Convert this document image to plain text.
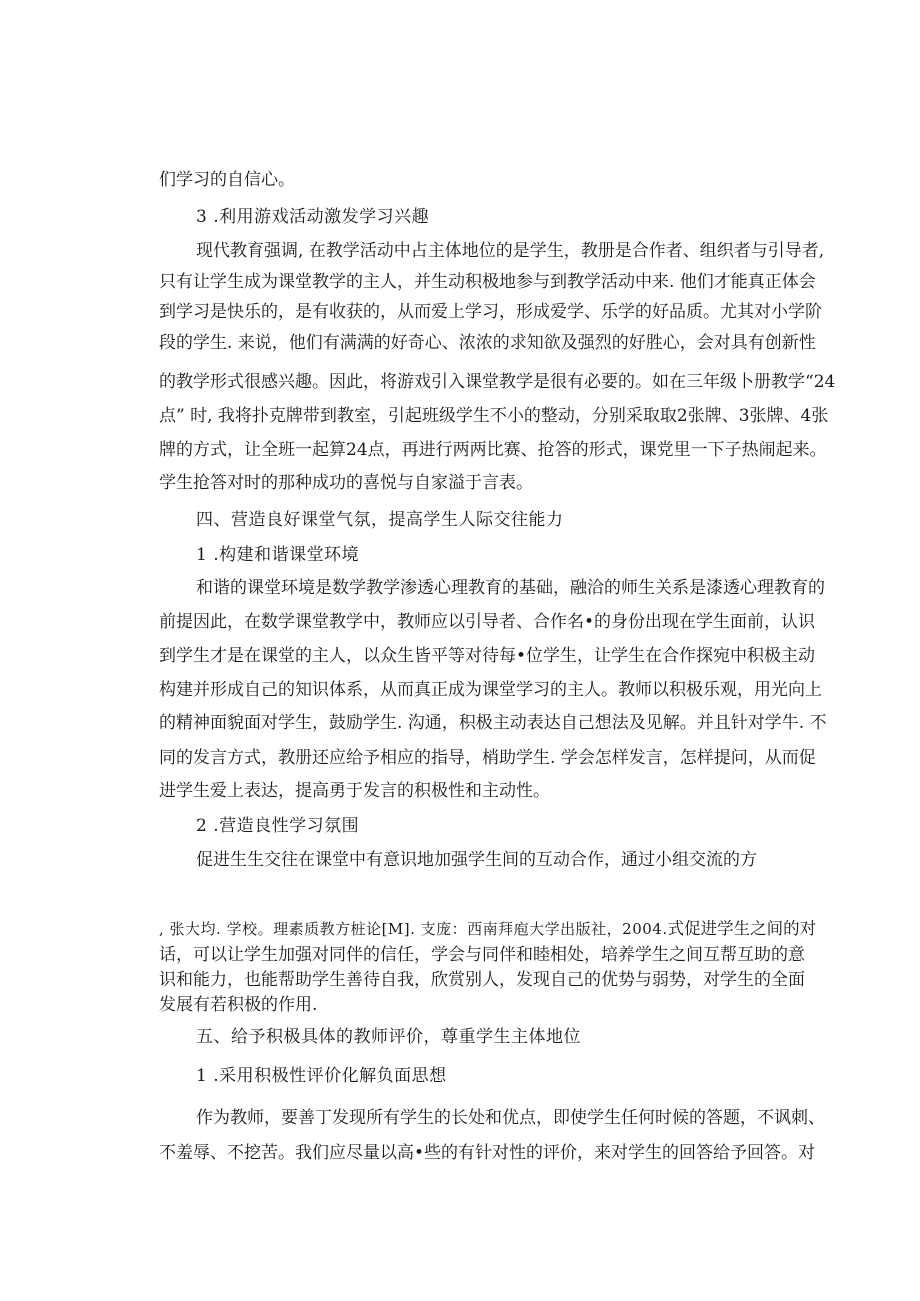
们学习的自信心。
3 .利用游戏活动激发学习兴趣
现代教育强调, 在教学活动中占主体地位的是学生，教册是合作者、组织者与引导者,
只有让学生成为课堂教学的主人，并生动积极地参与到教学活动中来. 他们才能真正体会
到学习是快乐的，是有收获的，从而爱上学习，形成爱学、乐学的好品质。尤其对小学阶
段的学生. 来说，他们有满满的好奇心、浓浓的求知欲及强烈的好胜心，会对具有创新性
的教学形式很感兴趣。因此，将游戏引入课堂教学是很有必要的。如在三年级卜册教学“24
点” 时, 我将扑克牌带到教室，引起班级学生不小的整动，分别采取取2张牌、3张牌、4张
牌的方式，让全班一起算24点，再进行两两比赛、抢答的形式，课党里一下子热闹起来。
学生抢答对时的那种成功的喜悦与自家溢于言表。
四、营造良好课堂气氛，提高学生人际交往能力
1 .构建和谐课堂环境
和谐的课堂环境是数学教学渗透心理教育的基础，融洽的师生关系是漆透心理教育的
前提因此，在数学课堂教学中，教师应以引导者、合作名•的身份出现在学生面前，认识
到学生才是在课堂的主人，以众生皆平等对待每•位学生，让学生在合作探宛中积极主动
构建并形成自己的知识体系，从而真正成为课堂学习的主人。教师以积极乐观，用光向上
的精神面貌面对学生，鼓励学生. 沟通，积极主动表达自己想法及见解。并且针对学牛. 不
同的发言方式，教册还应给予相应的指导，梢助学生. 学会怎样发言，怎样提问，从而促
进学生爱上表达，提高勇于发言的积极性和主动性。
2 .营造良性学习氛围
促进生生交往在课堂中有意识地加强学生间的互动合作，通过小组交流的方
, 张大均. 学校。理素质教方桩论[M]. 支庞：西南拜庖大学出版社，2004.式促进学生之间的对
话，可以让学生加强对同伴的信任，学会与同伴和睦相处，培养学生之间互帮互助的意
识和能力，也能帮助学生善待自我，欣赏别人，发现自己的优势与弱势，对学生的全面
发展有若积极的作用.
五、给予积极具体的教师评价，尊重学生主体地位
1 .采用积极性评价化解负面思想
作为教师，要善丁发现所有学生的长处和优点，即使学生任何时候的答题，不讽刺、
不羞辱、不挖苦。我们应尽量以高•些的有针对性的评价，来对学生的回答给予回答。对
